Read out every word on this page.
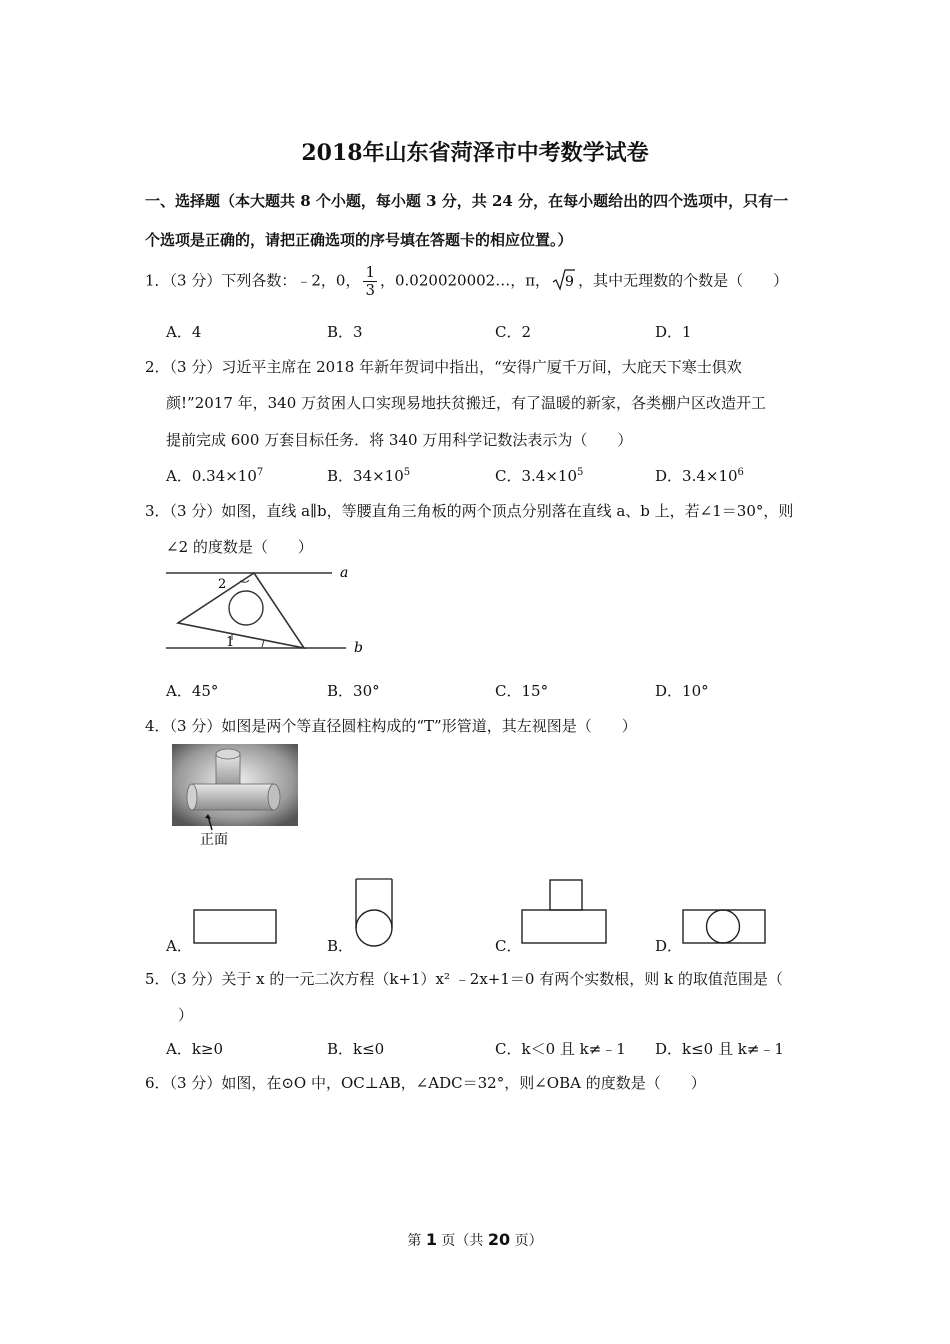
2018年山东省菏泽市中考数学试卷
一、选择题（本大题共 8 个小题，每小题 3 分，共 24 分，在每小题给出的四个选项中，只有一
个选项是正确的，请把正确选项的序号填在答题卡的相应位置。）
1．（3 分）下列各数：﹣2，0， $\frac{1}{3}$ ，0.020020002…，π， 9 ，其中无理数的个数是（　　）
A．4	B．3	C．2	D．1
2．（3 分）习近平主席在 2018 年新年贺词中指出，“安得广厦千万间，大庇天下寒士俱欢
颜!”2017 年，340 万贫困人口实现易地扶贫搬迁，有了温暖的新家，各类棚户区改造开工
提前完成 600 万套目标任务．将 340 万用科学记数法表示为（　　）
A．$0.34\times 10^7$	B．$34\times 10^5$	C．$3.4\times 10^5$	D．$3.4\times 10^6$
3．（3 分）如图，直线 a∥b，等腰直角三角板的两个顶点分别落在直线 a、b 上，若∠1＝30°，则
∠2 的度数是（　　）
a
b
1
2
A．45°	B．30°	C．15°	D．10°
4．（3 分）如图是两个等直径圆柱构成的“T”形管道，其左视图是（　　）
正面
A．	B．	C．	D．
5．（3 分）关于 x 的一元二次方程（k+1）x² ﹣2x+1＝0 有两个实数根，则 k 的取值范围是（
）
A．k≥0	B．k≤0	C．k＜0 且 k≠﹣1 D．k≤0 且 k≠﹣1
6．（3 分）如图，在⊙O 中，OC⊥AB，∠ADC＝32°，则∠OBA 的度数是（　　）
第 1 页（共 20 页）
